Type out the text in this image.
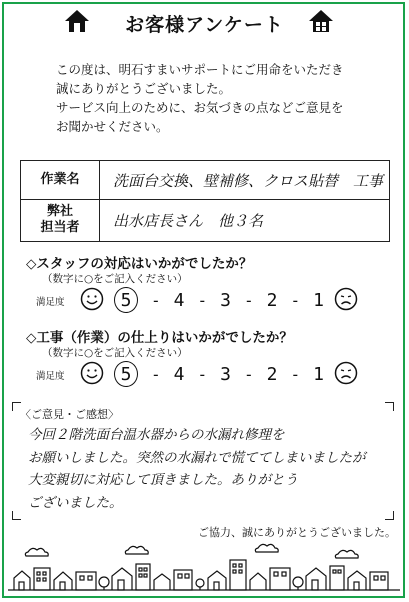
お客様アンケート
この度は、明石すまいサポートにご用命をいただき
誠にありがとうございました。
サービス向上のために、お気づきの点などご意見を
お聞かせください。
作業名	洗面台交換、壁補修、クロス貼替　工事
弊社
担当者 出水店長さん　他３名
◇スタッフの対応はいかがでしたか？
（数字に○をご記入ください）
満足度	5	- 4 - 3 - 2 - 1
◇工事（作業）の仕上りはいかがでしたか？
（数字に○をご記入ください）
満足度	5	- 4 - 3 - 2 - 1
〈ご意見・ご感想〉
今回２階洗面台温水器からの水漏れ修理を
お願いしました。突然の水漏れで慌ててしまいましたが
大変親切に対応して頂きました。ありがとう
ございました。
ご協力、誠にありがとうございました。
